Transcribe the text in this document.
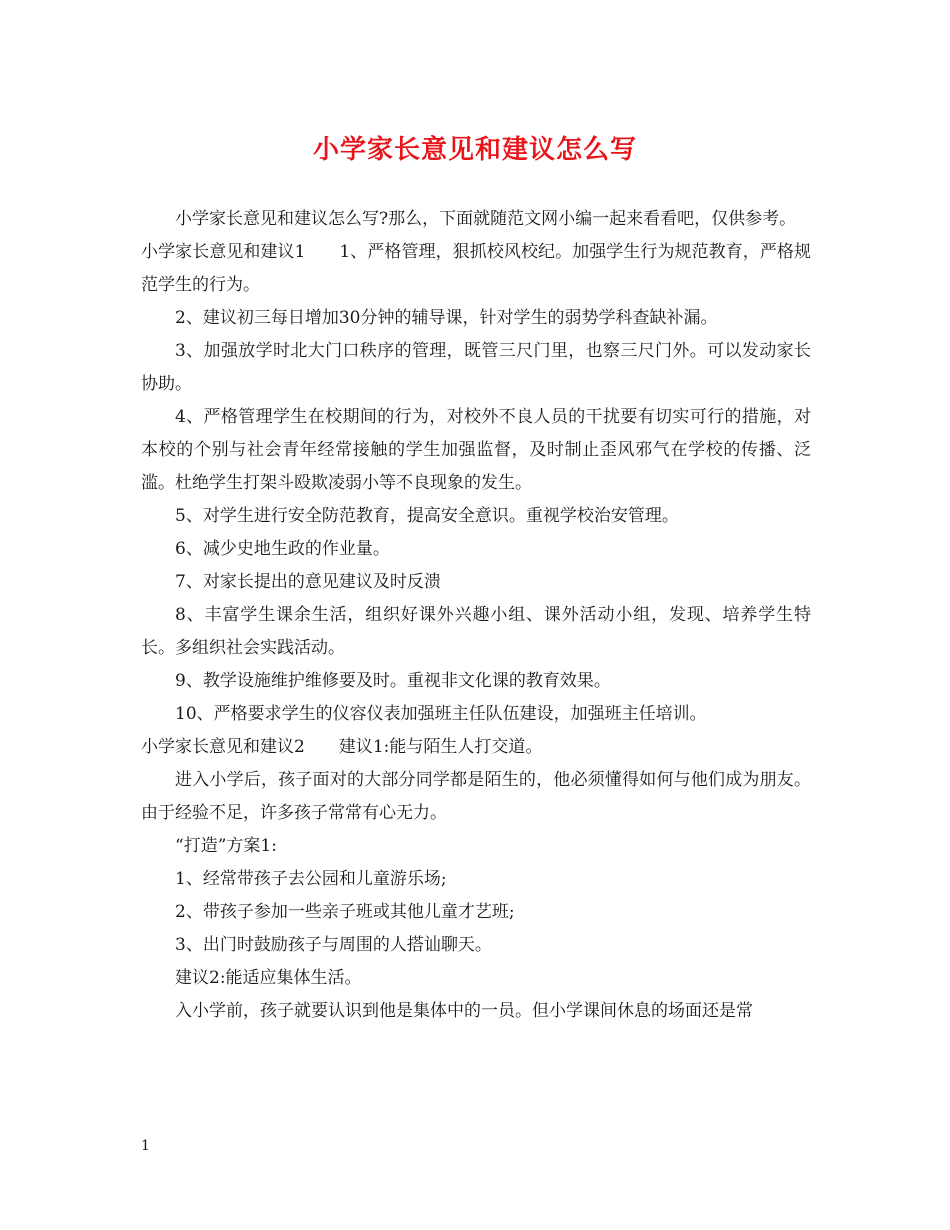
小学家长意见和建议怎么写

小学家长意见和建议怎么写?那么，下面就随范文网小编一起来看看吧，仅供参考。

小学家长意见和建议1 1、严格管理，狠抓校风校纪。加强学生行为规范教育，严格规范学生的行为。

2、建议初三每日增加30分钟的辅导课，针对学生的弱势学科查缺补漏。

3、加强放学时北大门口秩序的管理，既管三尺门里，也察三尺门外。可以发动家长协助。

4、严格管理学生在校期间的行为，对校外不良人员的干扰要有切实可行的措施，对本校的个别与社会青年经常接触的学生加强监督，及时制止歪风邪气在学校的传播、泛滥。杜绝学生打架斗殴欺凌弱小等不良现象的发生。

5、对学生进行安全防范教育，提高安全意识。重视学校治安管理。

6、减少史地生政的作业量。

7、对家长提出的意见建议及时反溃

8、丰富学生课余生活，组织好课外兴趣小组、课外活动小组，发现、培养学生特长。多组织社会实践活动。

9、教学设施维护维修要及时。重视非文化课的教育效果。

10、严格要求学生的仪容仪表加强班主任队伍建设，加强班主任培训。

小学家长意见和建议2 建议1:能与陌生人打交道。

进入小学后，孩子面对的大部分同学都是陌生的，他必须懂得如何与他们成为朋友。由于经验不足，许多孩子常常有心无力。

“打造”方案1:

1、经常带孩子去公园和儿童游乐场;

2、带孩子参加一些亲子班或其他儿童才艺班;

3、出门时鼓励孩子与周围的人搭讪聊天。

建议2:能适应集体生活。

入小学前，孩子就要认识到他是集体中的一员。但小学课间休息的场面还是常

1
